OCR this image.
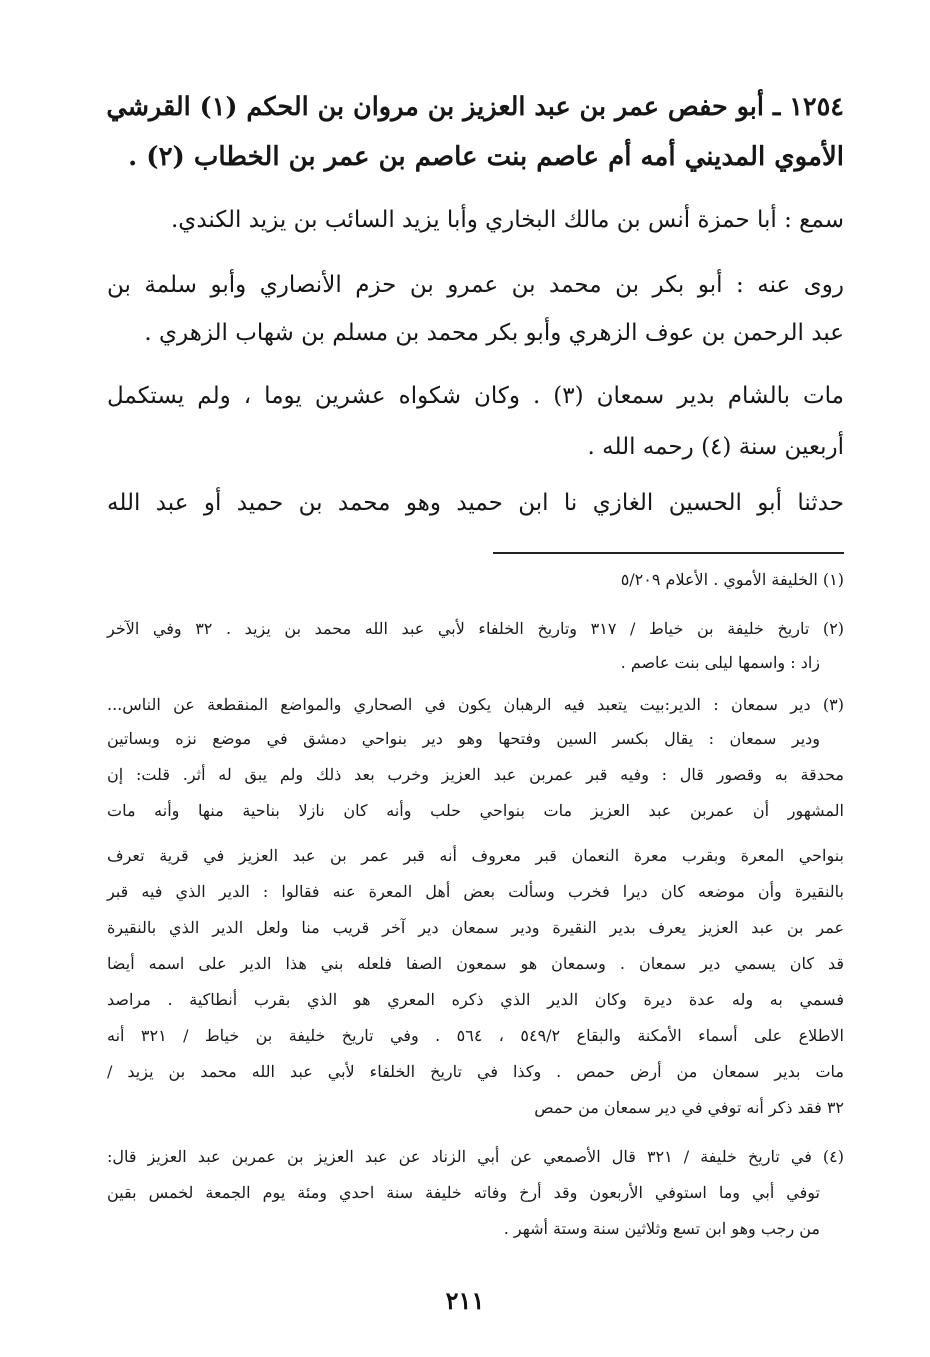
١٢٥٤ ـ أبو حفص عمر بن عبد العزيز بن مروان بن الحكم (١) القرشي
الأموي المديني أمه أم عاصم بنت عاصم بن عمر بن الخطاب (٢) .
سمع : أبا حمزة أنس بن مالك البخاري وأبا يزيد السائب بن يزيد الكندي.
روى عنه : أبو بكر بن محمد بن عمرو بن حزم الأنصاري وأبو سلمة بن
عبد الرحمن بن عوف الزهري وأبو بكر محمد بن مسلم بن شهاب الزهري .
مات بالشام بدير سمعان (٣) . وكان شكواه عشرين يوما ، ولم يستكمل
أربعين سنة (٤) رحمه الله .
حدثنا أبو الحسين الغازي نا ابن حميد وهو محمد بن حميد أو عبد الله
(١) الخليفة الأموي . الأعلام ٥/٢٠٩
(٢) تاريخ خليفة بن خياط / ٣١٧ وتاريخ الخلفاء لأبي عبد الله محمد بن يزيد . ٣٢ وفي الآخر
زاد : واسمها ليلى بنت عاصم .
(٣) دير سمعان : الدير:بيت يتعبد فيه الرهبان يكون في الصحاري والمواضع المنقطعة عن الناس...
ودير سمعان : يقال بكسر السين وفتحها وهو دير بنواحي دمشق في موضع نزه وبساتين
محدقة به وقصور قال : وفيه قبر عمربن عبد العزيز وخرب بعد ذلك ولم يبق له أثر. قلت: إن
المشهور أن عمربن عبد العزيز مات بنواحي حلب وأنه كان نازلا بناحية منها وأنه مات
بنواحي المعرة وبقرب معرة النعمان قبر معروف أنه قبر عمر بن عبد العزيز في قرية تعرف
بالنقيرة وأن موضعه كان ديرا فخرب وسألت بعض أهل المعرة عنه فقالوا : الدير الذي فيه قبر
عمر بن عبد العزيز يعرف بدير النقيرة ودير سمعان دير آخر قريب منا ولعل الدير الذي بالنقيرة
قد كان يسمي دير سمعان . وسمعان هو سمعون الصفا فلعله بني هذا الدير على اسمه أيضا
فسمي به وله عدة ديرة وكان الدير الذي ذكره المعري هو الذي بقرب أنطاكية . مراصد
الاطلاع على أسماء الأمكنة والبقاع ٥٤٩/٢ ، ٥٦٤ . وفي تاريخ خليفة بن خياط / ٣٢١ أنه
مات بدير سمعان من أرض حمص . وكذا في تاريخ الخلفاء لأبي عبد الله محمد بن يزيد /
٣٢ فقد ذكر أنه توفي في دير سمعان من حمص
(٤) في تاريخ خليفة / ٣٢١ قال الأصمعي عن أبي الزناد عن عبد العزيز بن عمربن عبد العزيز قال:
توفي أبي وما استوفي الأربعون وقد أرخ وفاته خليفة سنة احدي ومئة يوم الجمعة لخمس بقين
من رجب وهو ابن تسع وثلاثين سنة وستة أشهر .
٢١١
